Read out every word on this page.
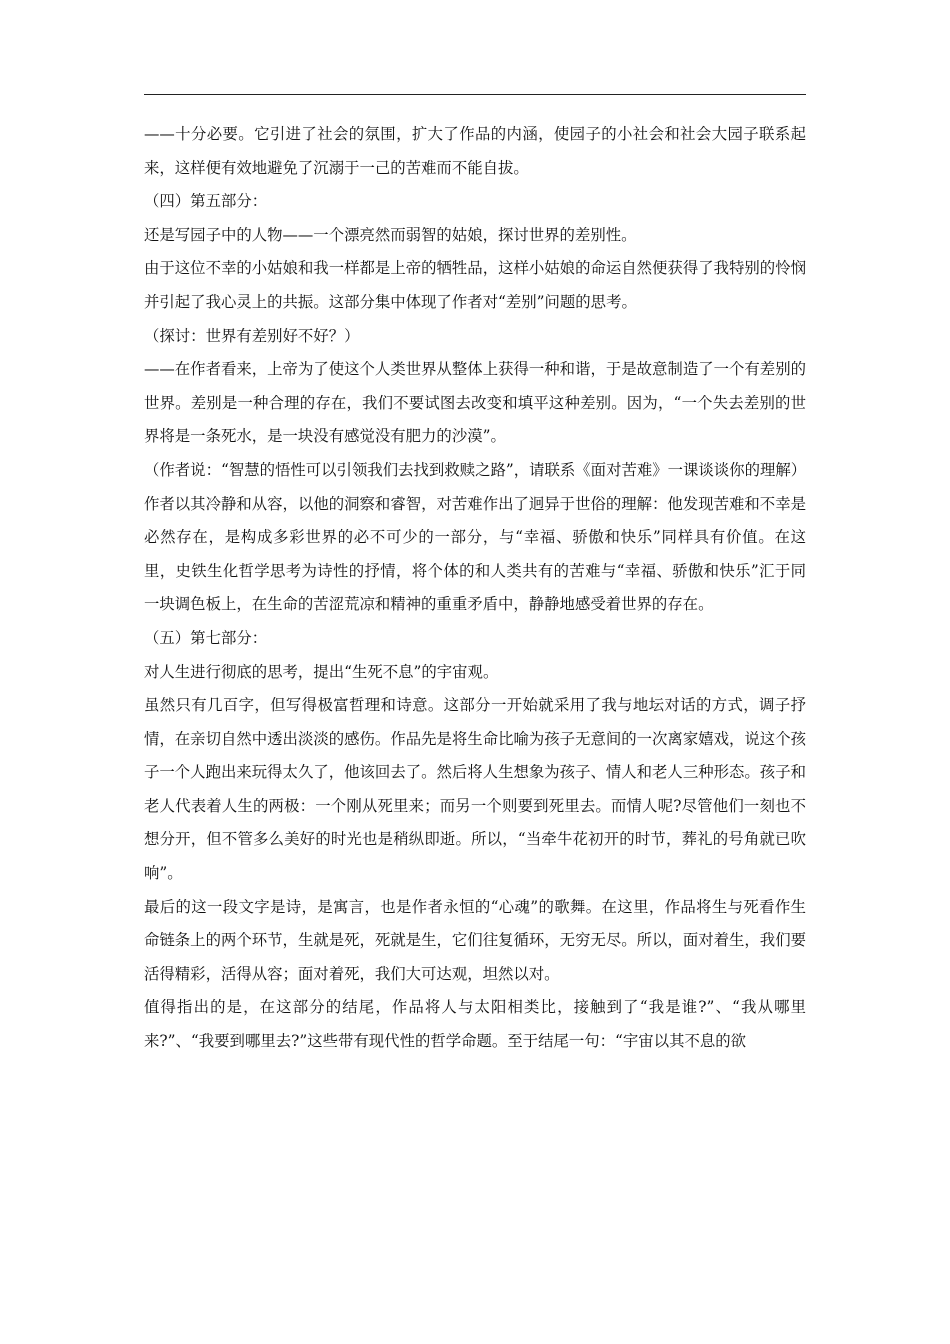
——十分必要。它引进了社会的氛围，扩大了作品的内涵，使园子的小社会和社会大园子联系起来，这样便有效地避免了沉溺于一己的苦难而不能自拔。

（四）第五部分：

还是写园子中的人物——一个漂亮然而弱智的姑娘，探讨世界的差别性。

由于这位不幸的小姑娘和我一样都是上帝的牺牲品，这样小姑娘的命运自然便获得了我特别的怜悯并引起了我心灵上的共振。这部分集中体现了作者对“差别”问题的思考。

（探讨：世界有差别好不好？）

——在作者看来，上帝为了使这个人类世界从整体上获得一种和谐，于是故意制造了一个有差别的世界。差别是一种合理的存在，我们不要试图去改变和填平这种差别。因为，“一个失去差别的世界将是一条死水，是一块没有感觉没有肥力的沙漠”。

（作者说：“智慧的悟性可以引领我们去找到救赎之路”，请联系《面对苦难》一课谈谈你的理解）

作者以其冷静和从容，以他的洞察和睿智，对苦难作出了迥异于世俗的理解：他发现苦难和不幸是必然存在，是构成多彩世界的必不可少的一部分，与“幸福、骄傲和快乐”同样具有价值。在这里，史铁生化哲学思考为诗性的抒情，将个体的和人类共有的苦难与“幸福、骄傲和快乐”汇于同一块调色板上，在生命的苦涩荒凉和精神的重重矛盾中，静静地感受着世界的存在。

（五）第七部分：

对人生进行彻底的思考，提出“生死不息”的宇宙观。

虽然只有几百字，但写得极富哲理和诗意。这部分一开始就采用了我与地坛对话的方式，调子抒情，在亲切自然中透出淡淡的感伤。作品先是将生命比喻为孩子无意间的一次离家嬉戏，说这个孩子一个人跑出来玩得太久了，他该回去了。然后将人生想象为孩子、情人和老人三种形态。孩子和老人代表着人生的两极：一个刚从死里来；而另一个则要到死里去。而情人呢?尽管他们一刻也不想分开，但不管多么美好的时光也是稍纵即逝。所以，“当牵牛花初开的时节，葬礼的号角就已吹响”。

最后的这一段文字是诗，是寓言，也是作者永恒的“心魂”的歌舞。在这里，作品将生与死看作生命链条上的两个环节，生就是死，死就是生，它们往复循环，无穷无尽。所以，面对着生，我们要活得精彩，活得从容；面对着死，我们大可达观，坦然以对。

值得指出的是，在这部分的结尾，作品将人与太阳相类比，接触到了“我是谁?”、“我从哪里来?”、“我要到哪里去?”这些带有现代性的哲学命题。至于结尾一句：“宇宙以其不息的欲
